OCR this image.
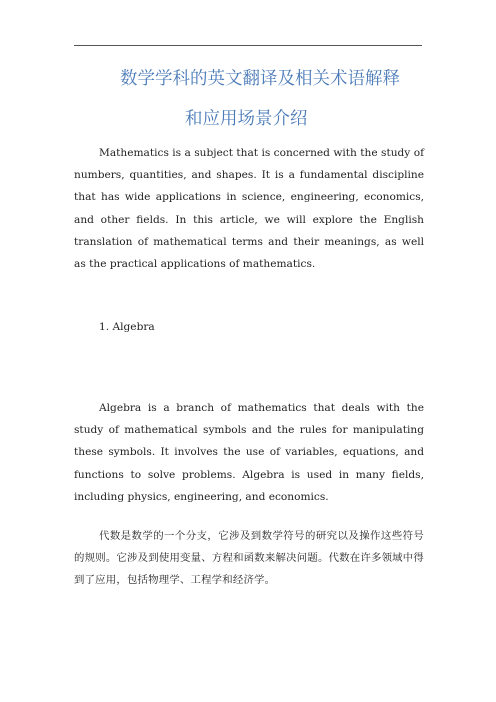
数学学科的英文翻译及相关术语解释
和应用场景介绍

Mathematics is a subject that is concerned with the study of numbers, quantities, and shapes. It is a fundamental discipline that has wide applications in science, engineering, economics, and other fields. In this article, we will explore the English translation of mathematical terms and their meanings, as well as the practical applications of mathematics.

1. Algebra

Algebra is a branch of mathematics that deals with the study of mathematical symbols and the rules for manipulating these symbols. It involves the use of variables, equations, and functions to solve problems. Algebra is used in many fields, including physics, engineering, and economics.

代数是数学的一个分支，它涉及到数学符号的研究以及操作这些符号的规则。它涉及到使用变量、方程和函数来解决问题。代数在许多领域中得到了应用，包括物理学、工程学和经济学。
